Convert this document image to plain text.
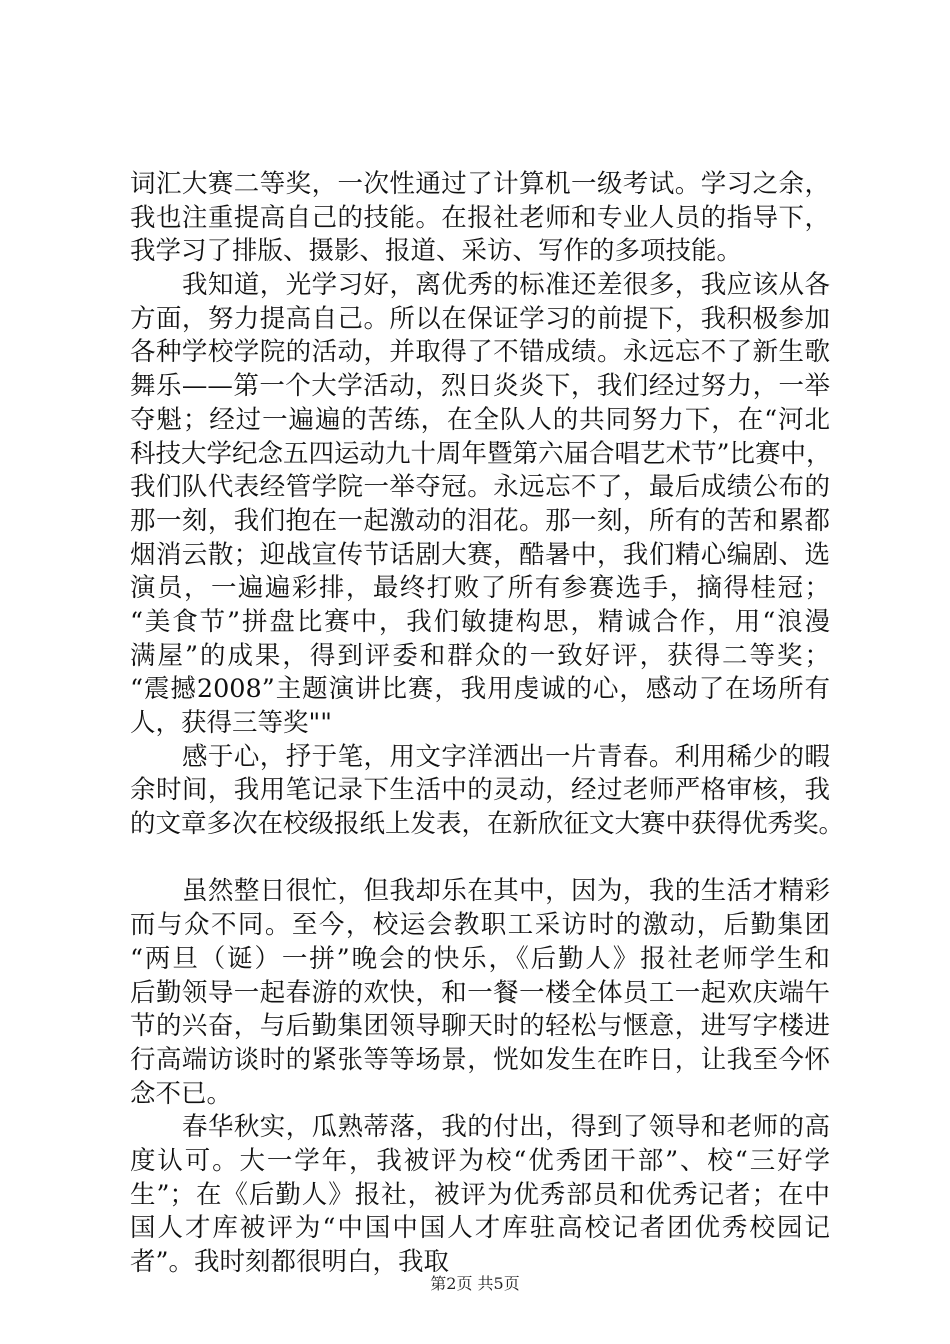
词汇大赛二等奖，一次性通过了计算机一级考试。学习之余，
我也注重提高自己的技能。在报社老师和专业人员的指导下，
我学习了排版、摄影、报道、采访、写作的多项技能。
我知道，光学习好，离优秀的标准还差很多，我应该从各
方面，努力提高自己。所以在保证学习的前提下，我积极参加
各种学校学院的活动，并取得了不错成绩。永远忘不了新生歌
舞乐——第一个大学活动，烈日炎炎下，我们经过努力，一举
夺魁；经过一遍遍的苦练，在全队人的共同努力下，在“河北
科技大学纪念五四运动九十周年暨第六届合唱艺术节”比赛中，
我们队代表经管学院一举夺冠。永远忘不了，最后成绩公布的
那一刻，我们抱在一起激动的泪花。那一刻，所有的苦和累都
烟消云散；迎战宣传节话剧大赛，酷暑中，我们精心编剧、选
演员，一遍遍彩排，最终打败了所有参赛选手，摘得桂冠；
“美食节”拼盘比赛中，我们敏捷构思，精诚合作，用“浪漫
满屋”的成果，得到评委和群众的一致好评，获得二等奖；
“震撼2008”主题演讲比赛，我用虔诚的心，感动了在场所有
人，获得三等奖""
感于心，抒于笔，用文字洋洒出一片青春。利用稀少的暇
余时间，我用笔记录下生活中的灵动，经过老师严格审核，我
的文章多次在校级报纸上发表，在新欣征文大赛中获得优秀奖。
虽然整日很忙，但我却乐在其中，因为，我的生活才精彩
而与众不同。至今，校运会教职工采访时的激动，后勤集团
“两旦（诞）一拼”晚会的快乐，《后勤人》报社老师学生和
后勤领导一起春游的欢快，和一餐一楼全体员工一起欢庆端午
节的兴奋，与后勤集团领导聊天时的轻松与惬意，进写字楼进
行高端访谈时的紧张等等场景，恍如发生在昨日，让我至今怀
念不已。
春华秋实，瓜熟蒂落，我的付出，得到了领导和老师的高
度认可。大一学年，我被评为校“优秀团干部”、校“三好学
生”；在《后勤人》报社，被评为优秀部员和优秀记者；在中
国人才库被评为“中国中国人才库驻高校记者团优秀校园记
者”。我时刻都很明白，我取
第2页 共5页
